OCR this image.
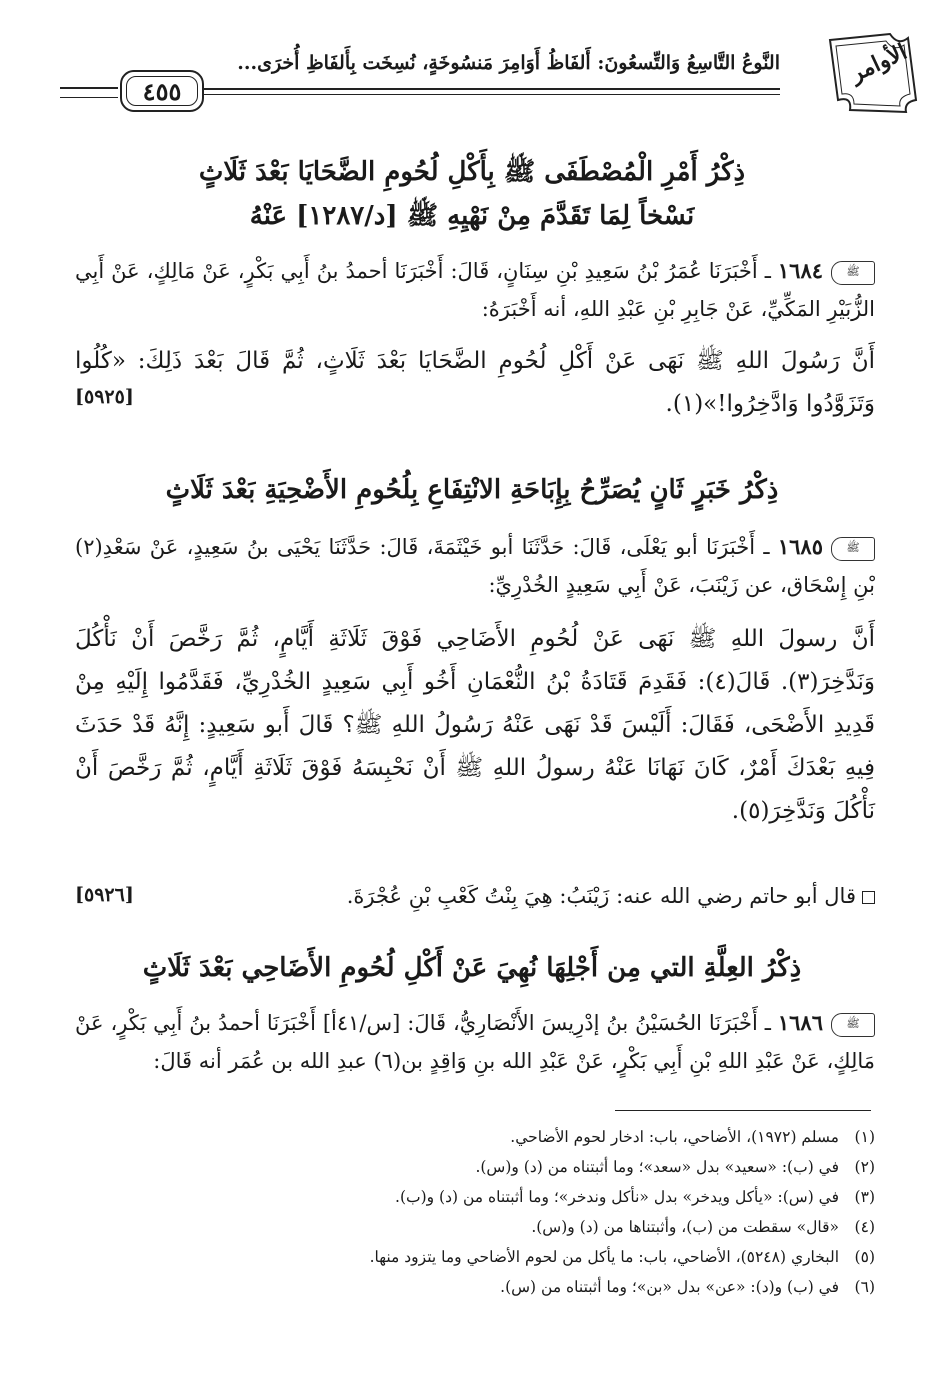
النَّوعُ التَّاسِعُ وَالتِّسعُونَ: أَلفَاظُ أَوَامِرَ مَنسُوخَةٍ، نُسِخَت بِأَلفَاظِ أُخرَى...
٤٥٥
الأوامر
ذِكْرُ أَمْرِ الْمُصْطَفَى ﷺ بِأَكْلِ لُحُومِ الضَّحَايَا بَعْدَ ثَلَاثٍ
نَسْخاً لِمَا تَقَدَّمَ مِنْ نَهْيِهِ ﷺ [د/١٢٨٧] عَنْهُ
ﷺ١٦٨٤ ـ أَخْبَرَنَا عُمَرُ بْنُ سَعِيدِ بْنِ سِنَانٍ، قَالَ: أَخْبَرَنَا أحمدُ بنُ أَبِي بَكْرٍ، عَنْ مَالِكٍ، عَنْ أَبِي الزُّبَيْرِ المَكِّيِّ، عَنْ جَابِرِ بْنِ عَبْدِ اللهِ، أنه أَخْبَرَهُ:
أَنَّ رَسُولَ اللهِ ﷺ نَهَى عَنْ أَكْلِ لُحُومِ الضَّحَايَا بَعْدَ ثَلَاثٍ، ثُمَّ قَالَ بَعْدَ ذَلِكَ: «كُلُوا وَتَزَوَّدُوا وَادَّخِرُوا!»(١).
[٥٩٢٥]
ذِكْرُ خَبَرٍ ثَانٍ يُصَرِّحُ بِإِبَاحَةِ الانْتِفَاعِ بِلُحُومِ الأَضْحِيَةِ بَعْدَ ثَلَاثٍ
ﷺ١٦٨٥ ـ أَخْبَرَنَا أبو يَعْلَى، قَالَ: حَدَّثَنَا أبو خَيْثَمَةَ، قَالَ: حَدَّثَنَا يَحْيَى بنُ سَعِيدٍ، عَنْ سَعْدِ(٢) بْنِ إِسْحَاق، عن زَيْنَبَ، عَنْ أَبِي سَعِيدٍ الخُدْرِيِّ:
أَنَّ رسولَ اللهِ ﷺ نَهَى عَنْ لُحُومِ الأَضَاحِي فَوْقَ ثَلَاثَةِ أَيَّامٍ، ثُمَّ رَخَّصَ أَنْ نَأْكُلَ وَنَدَّخِرَ(٣). قَالَ(٤): فَقَدِمَ قَتَادَةُ بْنُ النُّعْمَانِ أَخُو أَبِي سَعِيدٍ الخُدْرِيِّ، فَقَدَّمُوا إِلَيْهِ مِنْ قَدِيدِ الأَضْحَى، فَقَالَ: أَلَيْسَ قَدْ نَهَى عَنْهُ رَسُولُ اللهِ ﷺ؟ قَالَ أَبو سَعِيدٍ: إِنَّهُ قَدْ حَدَثَ فِيهِ بَعْدَكَ أَمْرٌ، كَانَ نَهَانَا عَنْهُ رسولُ اللهِ ﷺ أَنْ نَحْبِسَهُ فَوْقَ ثَلَاثَةِ أَيَّامٍ، ثُمَّ رَخَّصَ أَنْ نَأْكُلَ وَنَدَّخِرَ(٥).
قال أبو حاتم رضي الله عنه: زَيْنَبُ: هِيَ بِنْتُ كَعْبِ بْنِ عُجْرَةَ.
[٥٩٢٦]
ذِكْرُ العِلَّةِ التي مِن أَجْلِهَا نُهِيَ عَنْ أَكْلِ لُحُومِ الأَضَاحِي بَعْدَ ثَلَاثٍ
ﷺ١٦٨٦ ـ أَخْبَرَنَا الحُسَيْنُ بنُ إدْرِيسَ الأَنْصَارِيُّ، قَالَ: [س/٤١أ] أَخْبَرَنَا أحمدُ بنُ أَبِي بَكْرٍ، عَنْ مَالِكٍ، عَنْ عَبْدِ اللهِ بْنِ أَبِي بَكْرٍ، عَنْ عَبْدِ الله بنِ وَاقِدٍ بن(٦) عبدِ الله بن عُمَر أنه قَالَ:
(١)مسلم (١٩٧٢)، الأضاحي، باب: ادخار لحوم الأضاحي.
(٢)في (ب): «سعيد» بدل «سعد»؛ وما أثبتناه من (د) و(س).
(٣)في (س): «يأكل ويدخر» بدل «نأكل وندخر»؛ وما أثبتناه من (د) و(ب).
(٤)«قال» سقطت من (ب)، وأثبتناها من (د) و(س).
(٥)البخاري (٥٢٤٨)، الأضاحي، باب: ما يأكل من لحوم الأضاحي وما يتزود منها.
(٦)في (ب) و(د): «عن» بدل «بن»؛ وما أثبتناه من (س).
